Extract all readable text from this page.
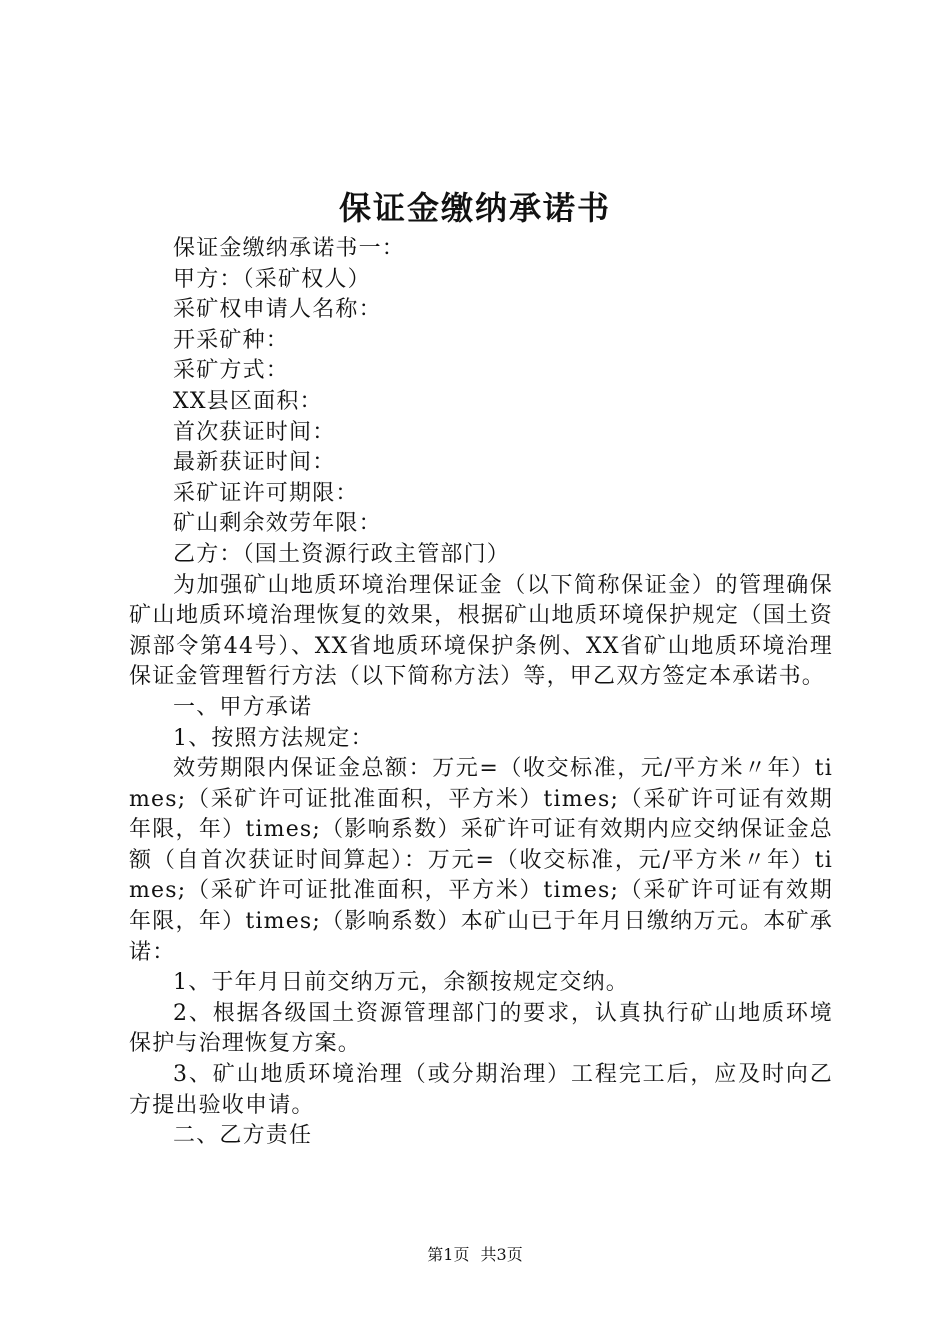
保证金缴纳承诺书

保证金缴纳承诺书一：

甲方：（采矿权人）

采矿权申请人名称：

开采矿种：

采矿方式：

XX县区面积：

首次获证时间：

最新获证时间：

采矿证许可期限：

矿山剩余效劳年限：

乙方：（国土资源行政主管部门）

为加强矿山地质环境治理保证金（以下简称保证金）的管理确保矿山地质环境治理恢复的效果，根据矿山地质环境保护规定（国土资源部令第44号）、XX省地质环境保护条例、XX省矿山地质环境治理保证金管理暂行方法（以下简称方法）等，甲乙双方签定本承诺书。

一、甲方承诺

1、按照方法规定：

效劳期限内保证金总额：万元=（收交标准，元/平方米〃年）times;（采矿许可证批准面积，平方米）times;（采矿许可证有效期年限，年）times;（影响系数）采矿许可证有效期内应交纳保证金总额（自首次获证时间算起）：万元=（收交标准，元/平方米〃年）times;（采矿许可证批准面积，平方米）times;（采矿许可证有效期年限，年）times;（影响系数）本矿山已于年月日缴纳万元。本矿承诺：

1、于年月日前交纳万元，余额按规定交纳。

2、根据各级国土资源管理部门的要求，认真执行矿山地质环境保护与治理恢复方案。

3、矿山地质环境治理（或分期治理）工程完工后，应及时向乙方提出验收申请。

二、乙方责任

第1页 共3页
